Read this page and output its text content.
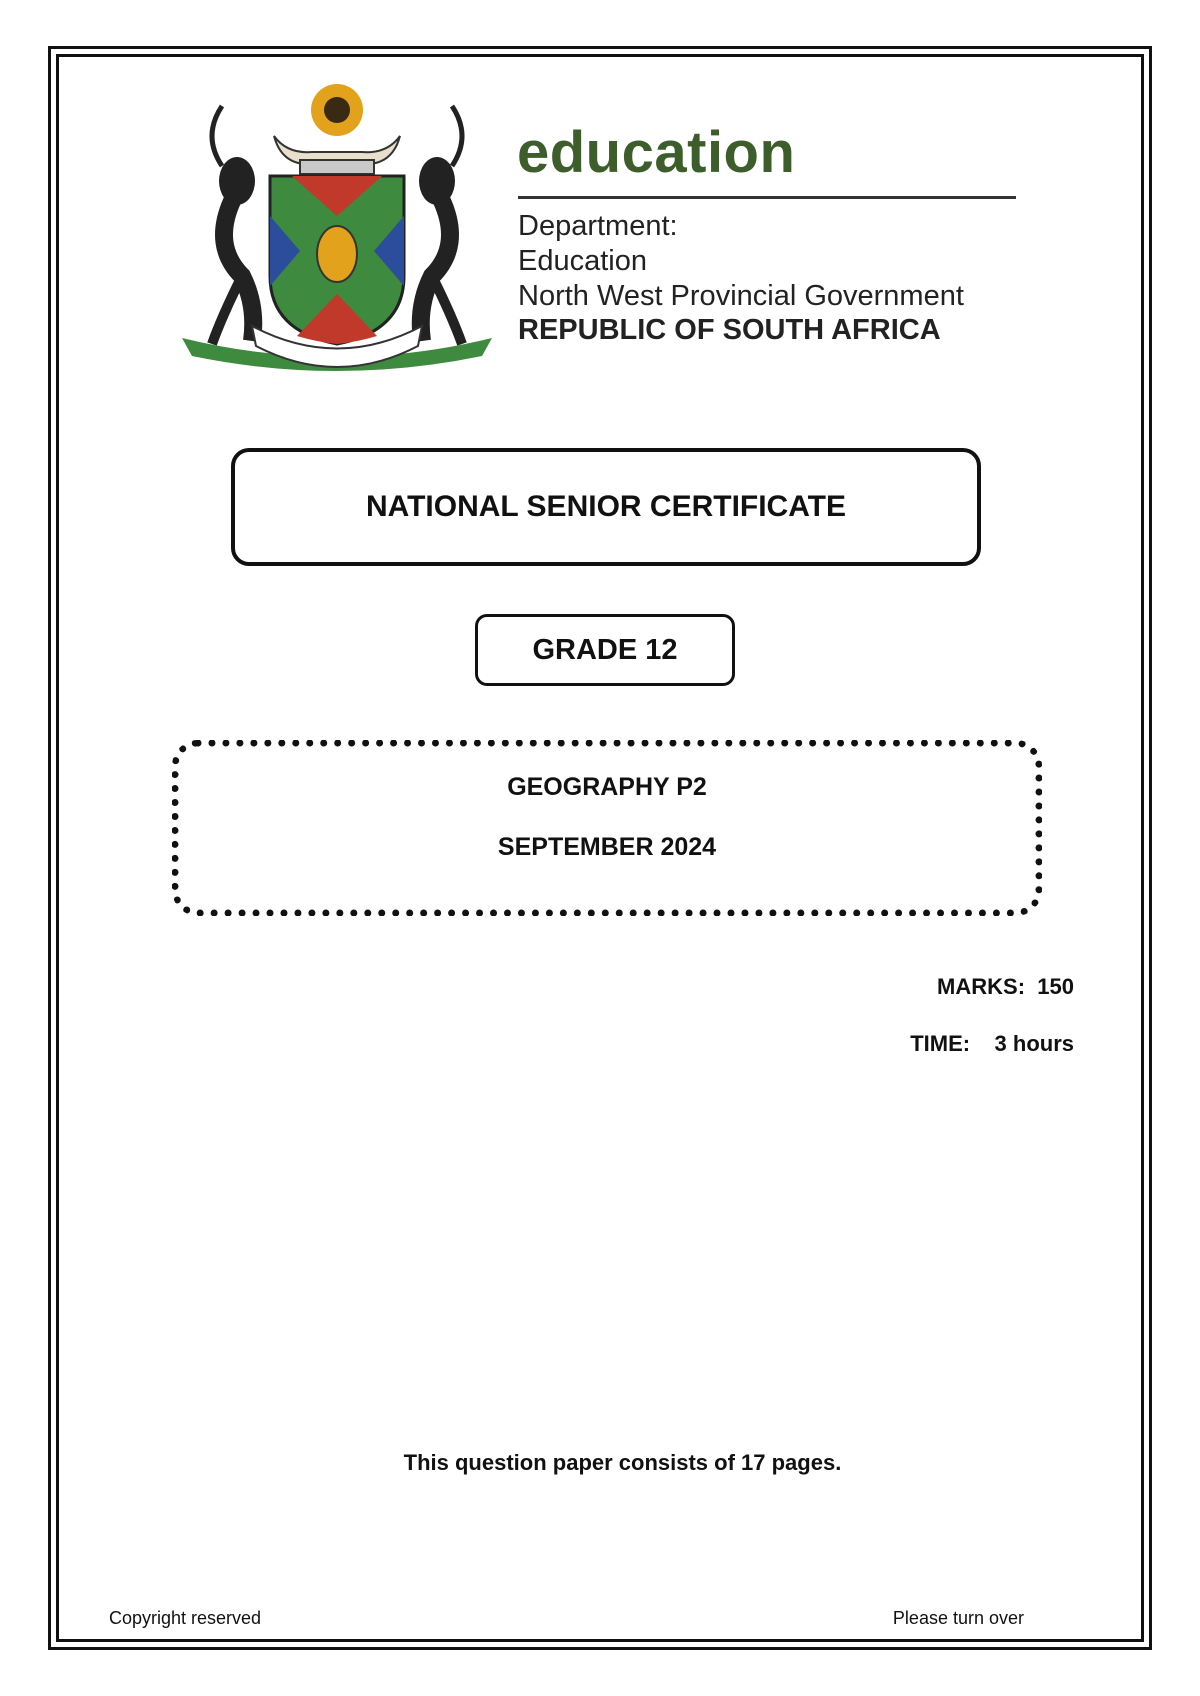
education
Department:
Education
North West Provincial Government
REPUBLIC OF SOUTH AFRICA
NATIONAL SENIOR CERTIFICATE
GRADE 12
GEOGRAPHY P2
SEPTEMBER 2024
MARKS: 150
TIME: 3 hours
This question paper consists of 17 pages.
Copyright reserved	Please turn over
